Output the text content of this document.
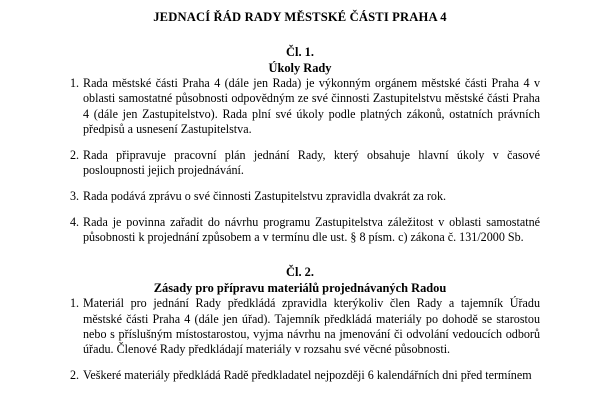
JEDNACÍ ŘÁD RADY MĚSTSKÉ ČÁSTI PRAHA 4
Čl. 1.
Úkoly Rady
1. Rada městské části Praha 4 (dále jen Rada) je výkonným orgánem městské části Praha 4 v oblasti samostatné působnosti odpovědným ze své činnosti Zastupitelstvu městské části Praha 4 (dále jen Zastupitelstvo). Rada plní své úkoly podle platných zákonů, ostatních právních předpisů a usnesení Zastupitelstva.
2. Rada připravuje pracovní plán jednání Rady, který obsahuje hlavní úkoly v časové posloupnosti jejich projednávání.
3. Rada podává zprávu o své činnosti Zastupitelstvu zpravidla dvakrát za rok.
4. Rada je povinna zařadit do návrhu programu Zastupitelstva záležitost v oblasti samostatné působnosti k projednání způsobem a v termínu dle ust. § 8 písm. c) zákona č. 131/2000 Sb.
Čl. 2.
Zásady pro přípravu materiálů projednávaných Radou
1. Materiál pro jednání Rady předkládá zpravidla kterýkoliv člen Rady a tajemník Úřadu městské části Praha 4 (dále jen úřad). Tajemník předkládá materiály po dohodě se starostou nebo s příslušným místostarostou, vyjma návrhu na jmenování či odvolání vedoucích odborů úřadu. Členové Rady předkládají materiály v rozsahu své věcné působnosti.
2. Veškeré materiály předkládá Radě předkladatel nejpozději 6 kalendářních dni před termínem
